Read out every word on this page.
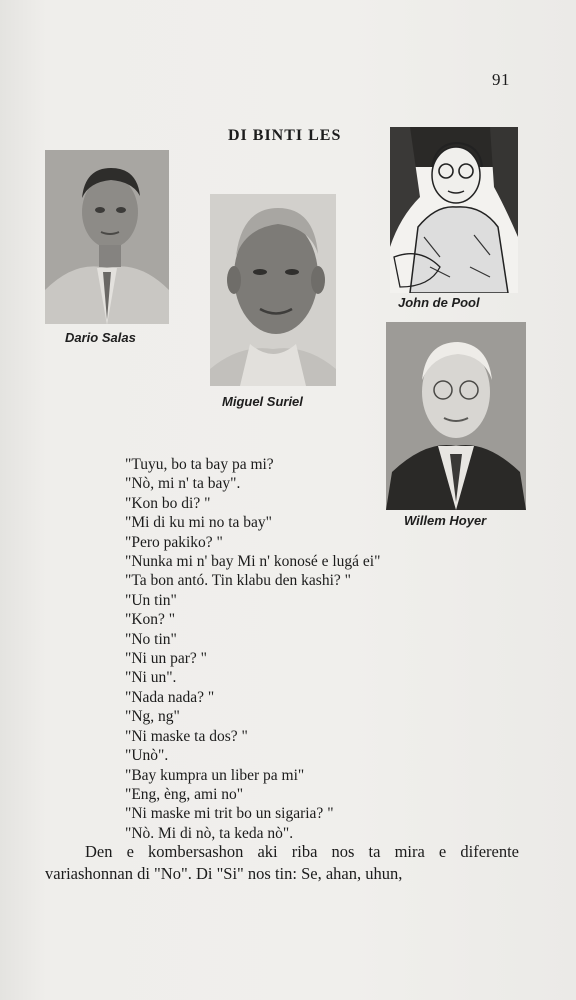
91
DI BINTI LES
Dario Salas
Miguel Suriel
John de Pool
Willem Hoyer
"Tuyu, bo ta bay pa mi?
"Nò, mi n' ta bay".
"Kon bo di? "
"Mi di ku mi no ta bay"
"Pero pakiko? "
"Nunka mi n' bay Mi n' konosé e lugá ei"
"Ta bon antó. Tin klabu den kashi? "
"Un tin"
"Kon? "
"No tin"
"Ni un par? "
"Ni un".
"Nada nada? "
"Ng, ng"
"Ni maske ta dos? "
"Unò".
"Bay kumpra un liber pa mi"
"Eng, èng, ami no"
"Ni maske mi trit bo un sigaria? "
"Nò. Mi di nò, ta keda nò".

Den e kombersashon aki riba nos ta mira e diferente variashonnan di "No". Di "Si" nos tin: Se, ahan, uhun,
